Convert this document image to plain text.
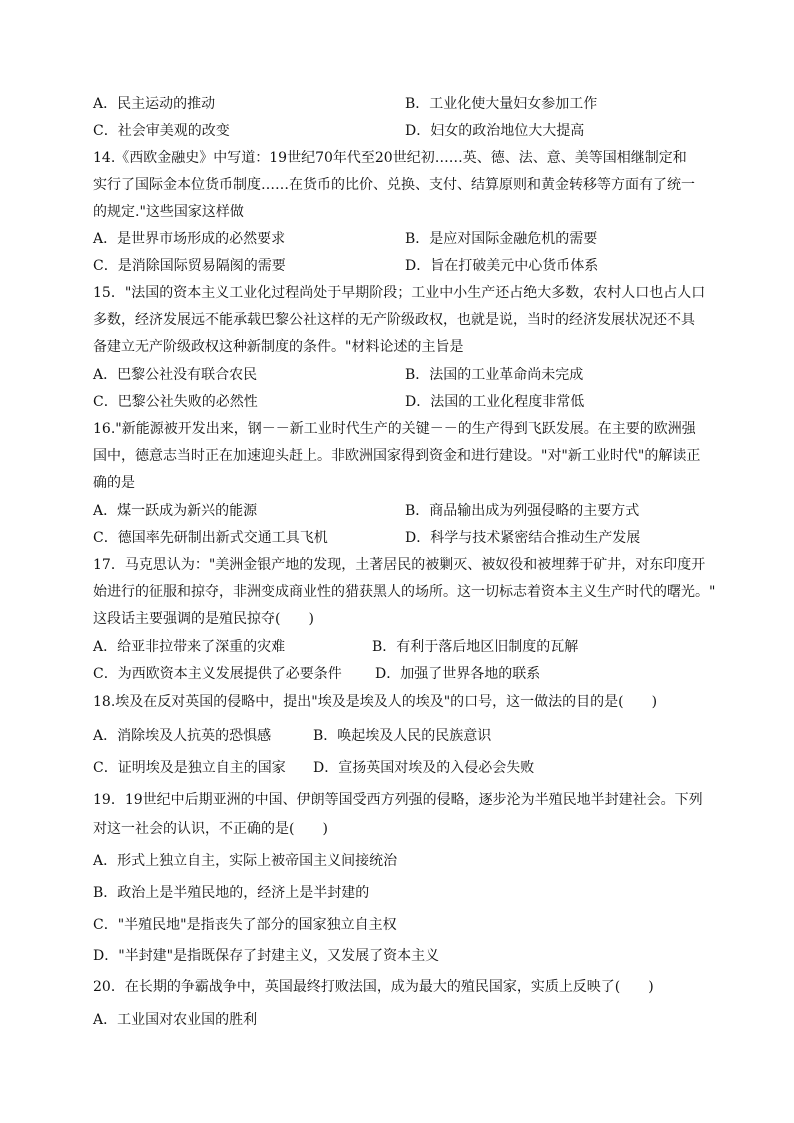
A．民主运动的推动	B．工业化使大量妇女参加工作
C．社会审美观的改变	D．妇女的政治地位大大提高
14.《西欧金融史》中写道：19世纪70年代至20世纪初……英、德、法、意、美等国相继制定和
实行了国际金本位货币制度……在货币的比价、兑换、支付、结算原则和黄金转移等方面有了统一
的规定."这些国家这样做
A．是世界市场形成的必然要求	B．是应对国际金融危机的需要
C．是消除国际贸易隔阂的需要	D．旨在打破美元中心货币体系
15．"法国的资本主义工业化过程尚处于早期阶段；工业中小生产还占绝大多数，农村人口也占人口
多数，经济发展远不能承载巴黎公社这样的无产阶级政权，也就是说，当时的经济发展状况还不具
备建立无产阶级政权这种新制度的条件。"材料论述的主旨是
A．巴黎公社没有联合农民	B．法国的工业革命尚未完成
C．巴黎公社失败的必然性	D．法国的工业化程度非常低
16."新能源被开发出来，钢－－新工业时代生产的关键－－的生产得到飞跃发展。在主要的欧洲强
国中，德意志当时正在加速迎头赶上。非欧洲国家得到资金和进行建设。"对"新工业时代"的解读正
确的是
A．煤一跃成为新兴的能源	B．商品输出成为列强侵略的主要方式
C．德国率先研制出新式交通工具飞机	D．科学与技术紧密结合推动生产发展
17．马克思认为："美洲金银产地的发现，土著居民的被剿灭、被奴役和被埋葬于矿井，对东印度开
始进行的征服和掠夺，非洲变成商业性的猎获黑人的场所。这一切标志着资本主义生产时代的曙光。"
这段话主要强调的是殖民掠夺(　　)
A．给亚非拉带来了深重的灾难	B．有利于落后地区旧制度的瓦解
C．为西欧资本主义发展提供了必要条件 D．加强了世界各地的联系
18.埃及在反对英国的侵略中，提出"埃及是埃及人的埃及"的口号，这一做法的目的是(　　)
A．消除埃及人抗英的恐惧感	B．唤起埃及人民的民族意识
C．证明埃及是独立自主的国家 D．宣扬英国对埃及的入侵必会失败
19．19世纪中后期亚洲的中国、伊朗等国受西方列强的侵略，逐步沦为半殖民地半封建社会。下列
对这一社会的认识，不正确的是(　　)
A．形式上独立自主，实际上被帝国主义间接统治
B．政治上是半殖民地的，经济上是半封建的
C．"半殖民地"是指丧失了部分的国家独立自主权
D．"半封建"是指既保存了封建主义，又发展了资本主义
20．在长期的争霸战争中，英国最终打败法国，成为最大的殖民国家，实质上反映了(　　)
A．工业国对农业国的胜利
